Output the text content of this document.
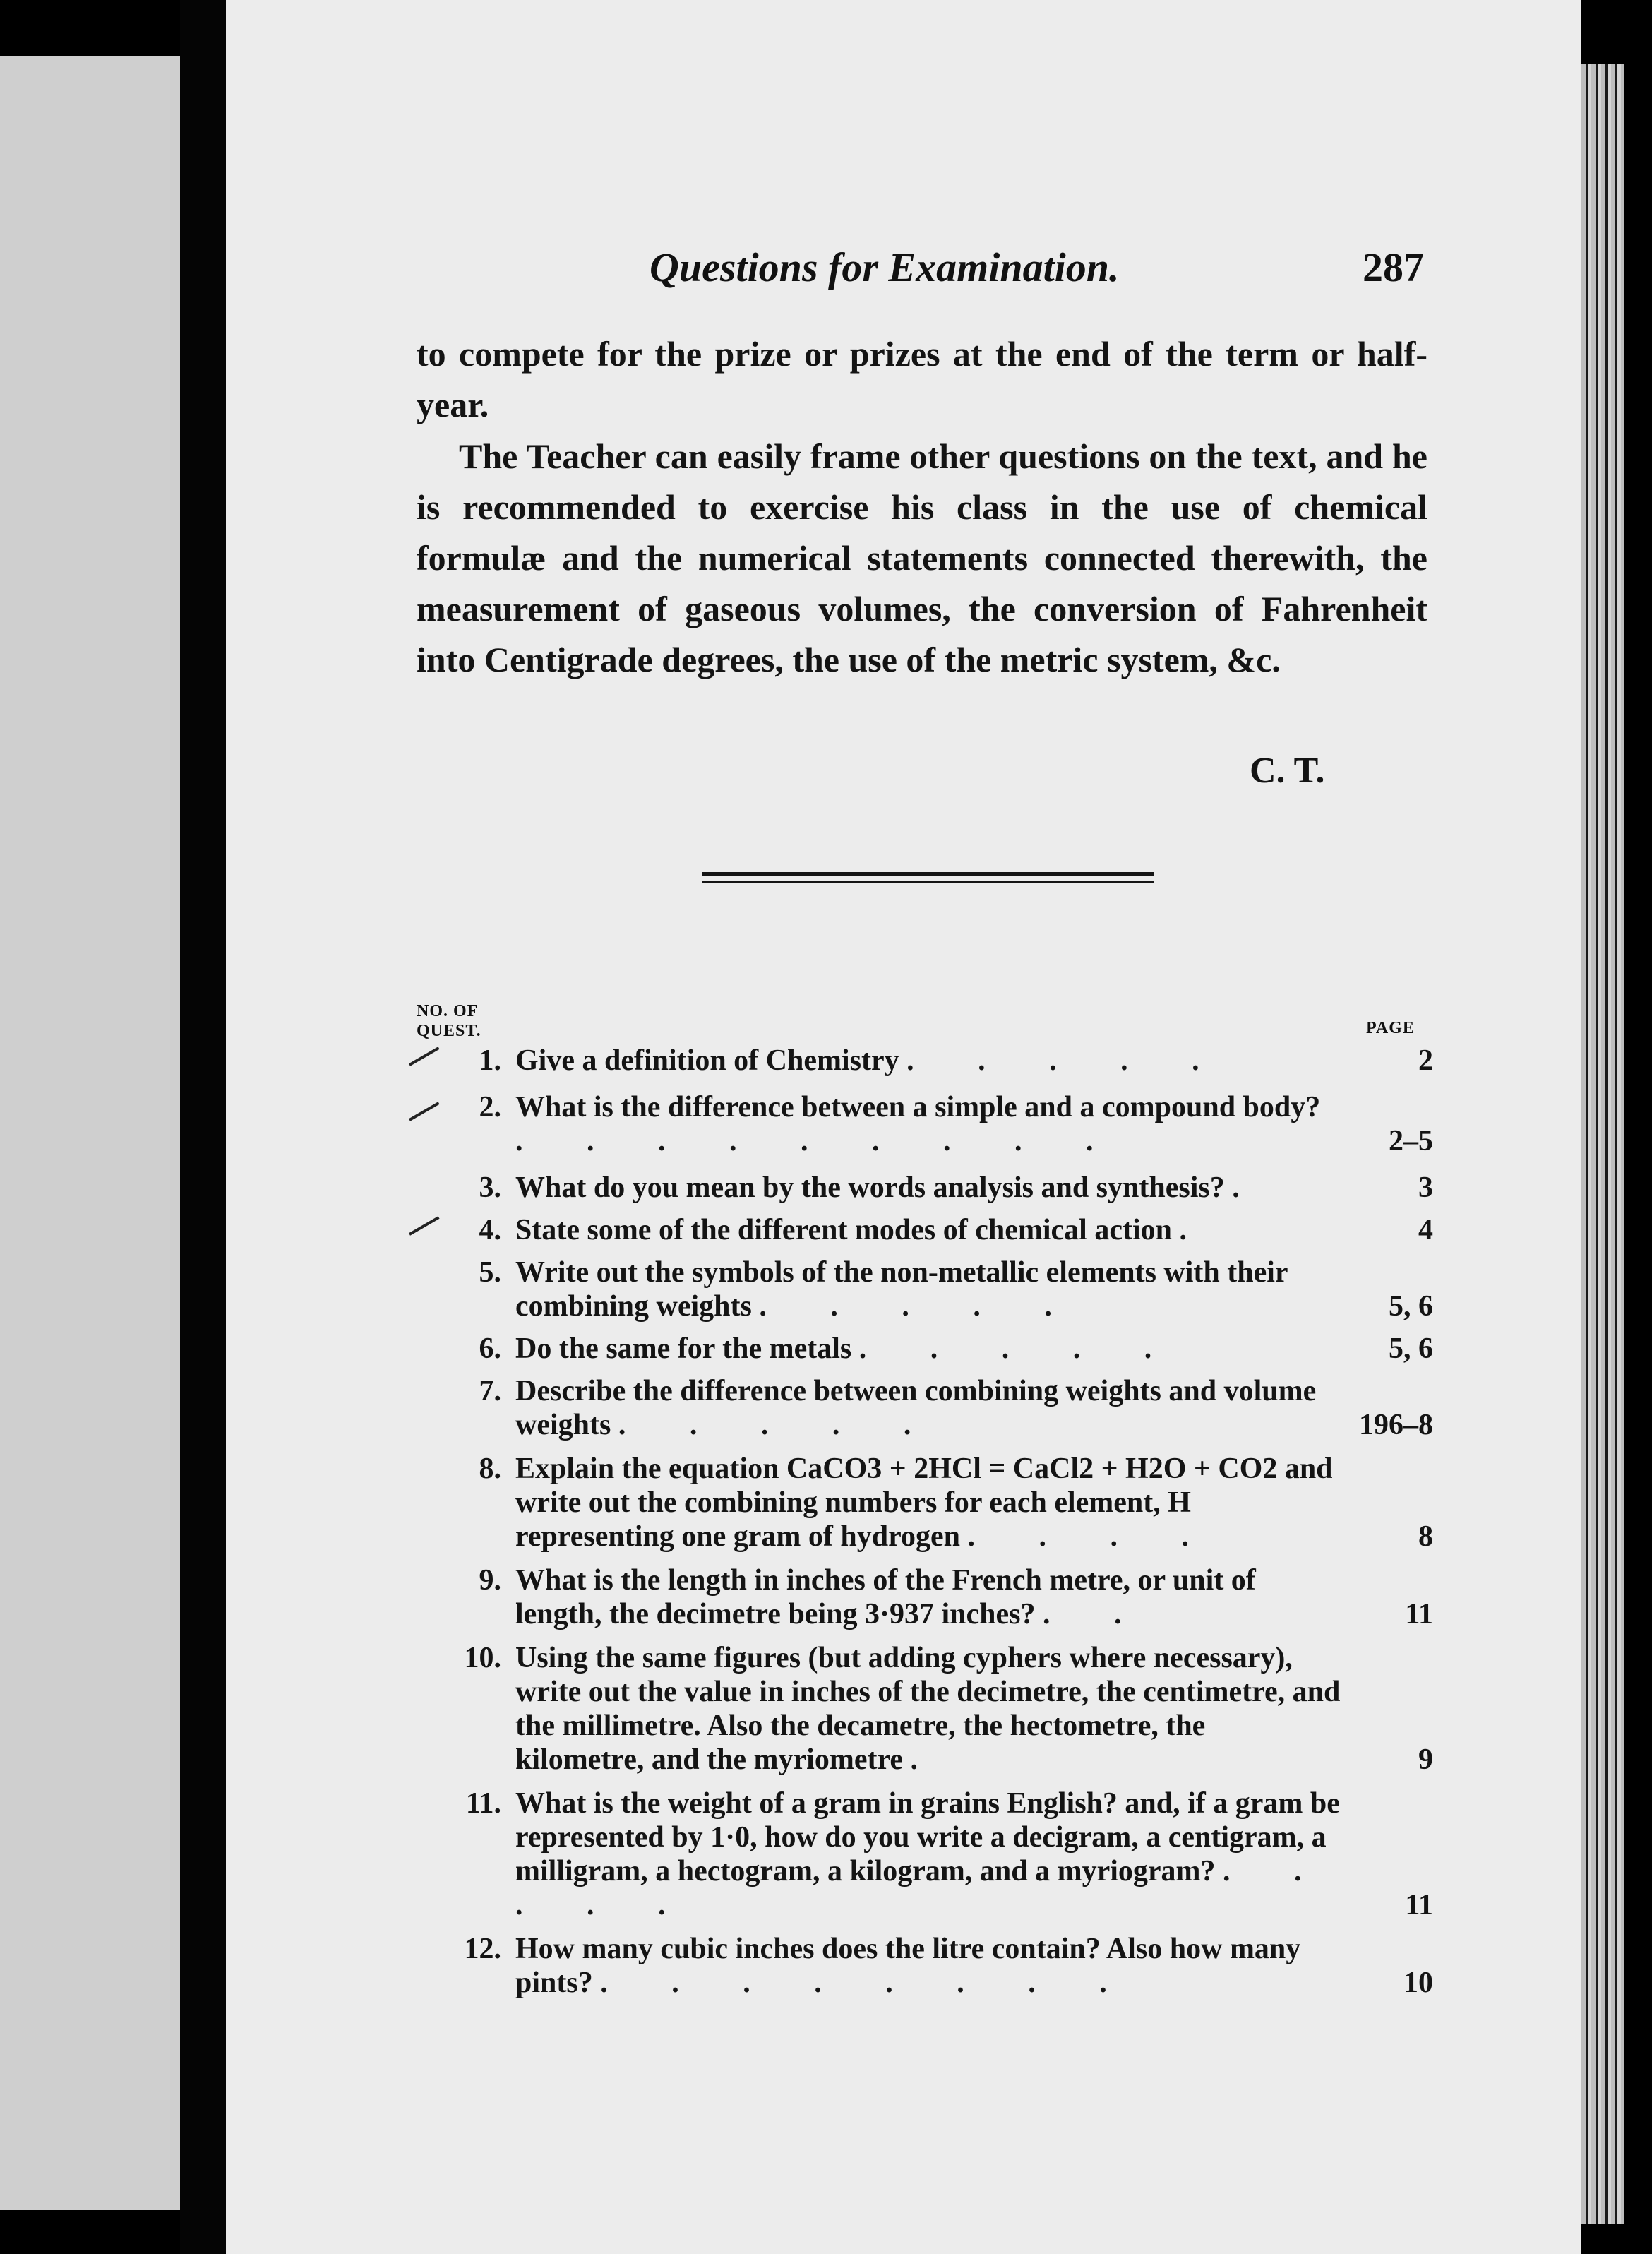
Questions for Examination.	287

to compete for the prize or prizes at the end of the term or half-year.

The Teacher can easily frame other questions on the text, and he is recommended to exercise his class in the use of chemical formulæ and the numerical statements connected therewith, the measurement of gaseous volumes, the conversion of Fahrenheit into Centigrade degrees, the use of the metric system, &c.

C. T.
NO. OF QUEST.	PAGE
1. Give a definition of Chemistry . . . . .	2
2. What is the difference between a simple and a compound body? . . . . . . . . .	2–5
3. What do you mean by the words analysis and synthesis? .	3
4. State some of the different modes of chemical action .	4
5. Write out the symbols of the non-metallic elements with their combining weights . . . . .	5, 6
6. Do the same for the metals . . . . .	5, 6
7. Describe the difference between combining weights and volume weights . . . . .	196–8
8. Explain the equation CaCO3 + 2HCl = CaCl2 + H2O + CO2 and write out the combining numbers for each element, H representing one gram of hydrogen . . . .	8
9. What is the length in inches of the French metre, or unit of length, the decimetre being 3·937 inches? . .	11
10. Using the same figures (but adding cyphers where necessary), write out the value in inches of the decimetre, the centimetre, and the millimetre. Also the decametre, the hectometre, the kilometre, and the myriometre .	9
11. What is the weight of a gram in grains English? and, if a gram be represented by 1·0, how do you write a decigram, a centigram, a milligram, a hectogram, a kilogram, and a myriogram? . . . . .	11
12. How many cubic inches does the litre contain? Also how many pints? . . . . . . . .	10
